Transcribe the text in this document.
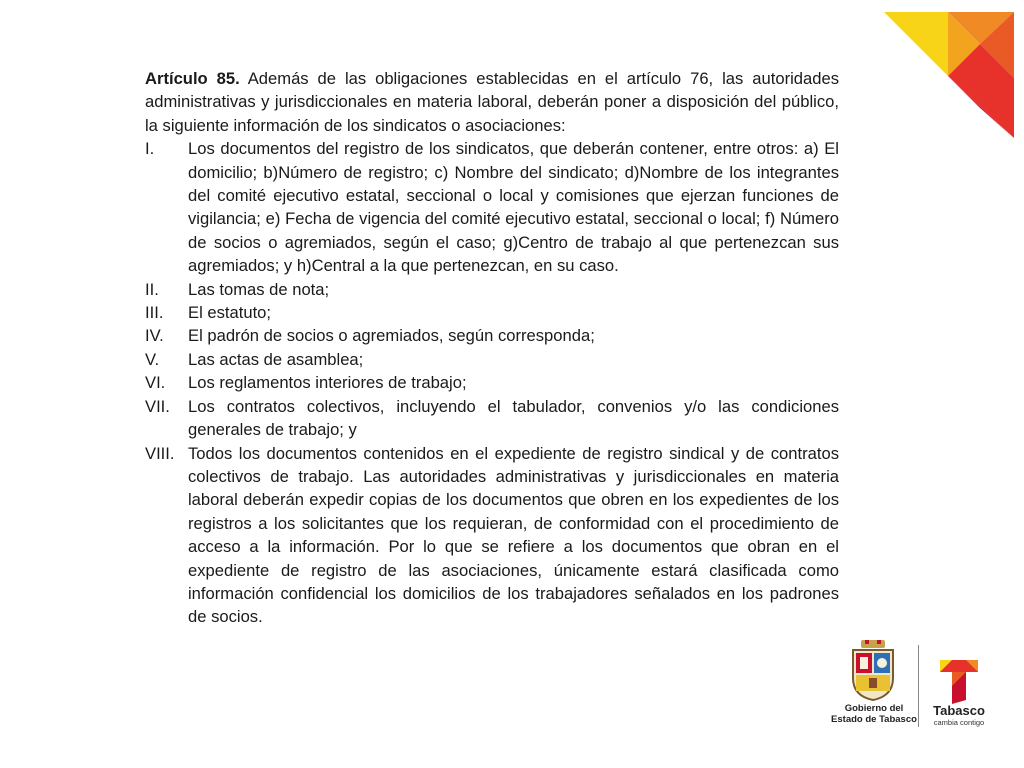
Artículo 85. Además de las obligaciones establecidas en el artículo 76, las autoridades administrativas y jurisdiccionales en materia laboral, deberán poner a disposición del público, la siguiente información de los sindicatos o asociaciones:

I.	Los documentos del registro de los sindicatos, que deberán contener, entre otros: a) El domicilio; b)Número de registro; c) Nombre del sindicato; d)Nombre de los integrantes del comité ejecutivo estatal, seccional o local y comisiones que ejerzan funciones de vigilancia; e) Fecha de vigencia del comité ejecutivo estatal, seccional o local; f) Número de socios o agremiados, según el caso; g)Centro de trabajo al que pertenezcan sus agremiados; y h)Central a la que pertenezcan, en su caso.
II.	Las tomas de nota;
III.	El estatuto;
IV.	El padrón de socios o agremiados, según corresponda;
V.	Las actas de asamblea;
VI.	Los reglamentos interiores de trabajo;
VII.	Los contratos colectivos, incluyendo el tabulador, convenios y/o las condiciones generales de trabajo; y
VIII. Todos los documentos contenidos en el expediente de registro sindical y de contratos colectivos de trabajo. Las autoridades administrativas y jurisdiccionales en materia laboral deberán expedir copias de los documentos que obren en los expedientes de los registros a los solicitantes que los requieran, de conformidad con el procedimiento de acceso a la información. Por lo que se refiere a los documentos que obran en el expediente de registro de las asociaciones, únicamente estará clasificada como información confidencial los domicilios de los trabajadores señalados en los padrones de socios.
Gobierno del
Estado de Tabasco
Tabasco
cambia contigo
